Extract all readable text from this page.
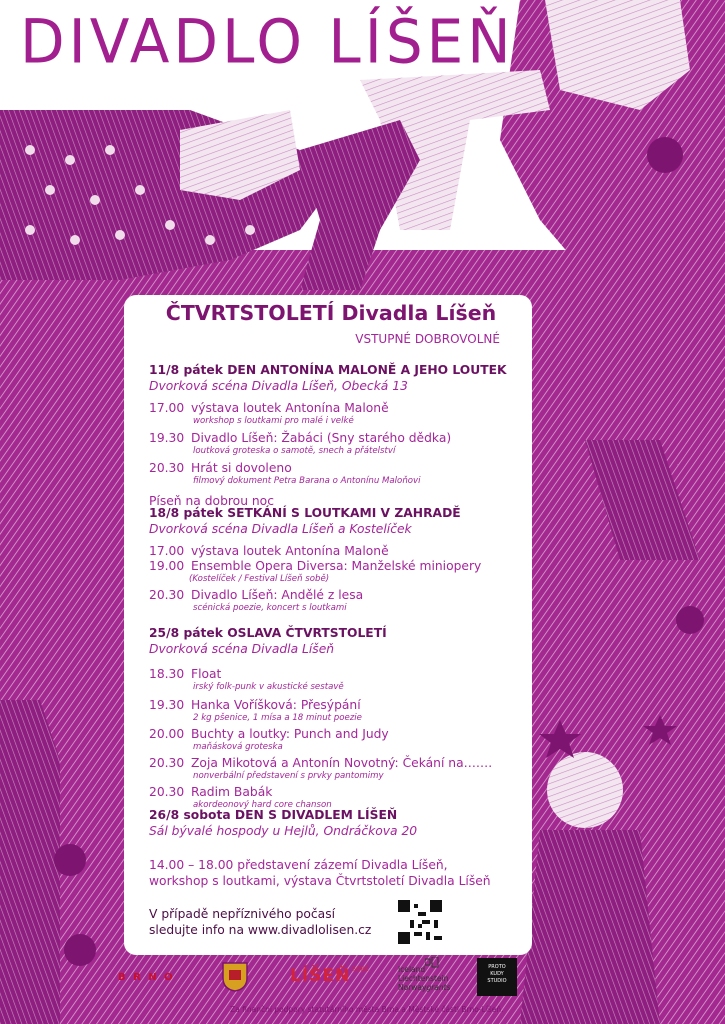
DIVADLO LÍŠEŇ
ČTVRTSTOLETÍ Divadla Líšeň
VSTUPNÉ DOBROVOLNÉ
11/8 pátek DEN ANTONÍNA MALONĚ A JEHO LOUTEK
Dvorková scéna Divadla Líšeň, Obecká 13
17.00 výstava loutek Antonína Maloně
workshop s loutkami pro malé i velké
19.30 Divadlo Líšeň: Žabáci (Sny starého dědka)
loutková groteska o samotě, snech a přátelství
20.30 Hrát si dovoleno
filmový dokument Petra Barana o Antonínu Maloňovi
Píseň na dobrou noc
18/8 pátek SETKÁNÍ S LOUTKAMI V ZAHRADĚ
Dvorková scéna Divadla Líšeň a Kostelíček
17.00 výstava loutek Antonína Maloně
19.00 Ensemble Opera Diversa: Manželské miniopery
(Kostelíček / Festival Líšeň sobě)
20.30 Divadlo Líšeň: Andělé z lesa
scénická poezie, koncert s loutkami
25/8 pátek OSLAVA ČTVRTSTOLETÍ
Dvorková scéna Divadla Líšeň
18.30 Float
irský folk-punk v akustické sestavě
19.30 Hanka Voříšková: Přesýpání
2 kg pšenice, 1 mísa a 18 minut poezie
20.00 Buchty a loutky: Punch and Judy
maňásková groteska
20.30 Zoja Mikotová a Antonín Novotný: Čekání na…….
nonverbální představení s prvky pantomimy
20.30 Radim Babák
akordeonový hard core chanson
26/8 sobota DEN S DIVADLEM LÍŠEŇ
Sál bývalé hospody u Hejlů, Ondráčkova 20
14.00 – 18.00 představení zázemí Divadla Líšeň,
workshop s loutkami, výstava Čtvrtstoletí Divadla Líšeň
V případě nepříznivého počasí
sledujte info na www.divadlolisen.cz
B R N O	LÍŠEŇ $^{SOBĚ}$	Iceland
Liechtenstein
Norwaygrants
PROTO
KUDY
STUDIO
Za finanční podpory statutárního města Brna a Městské části Brno-Líšeň.
